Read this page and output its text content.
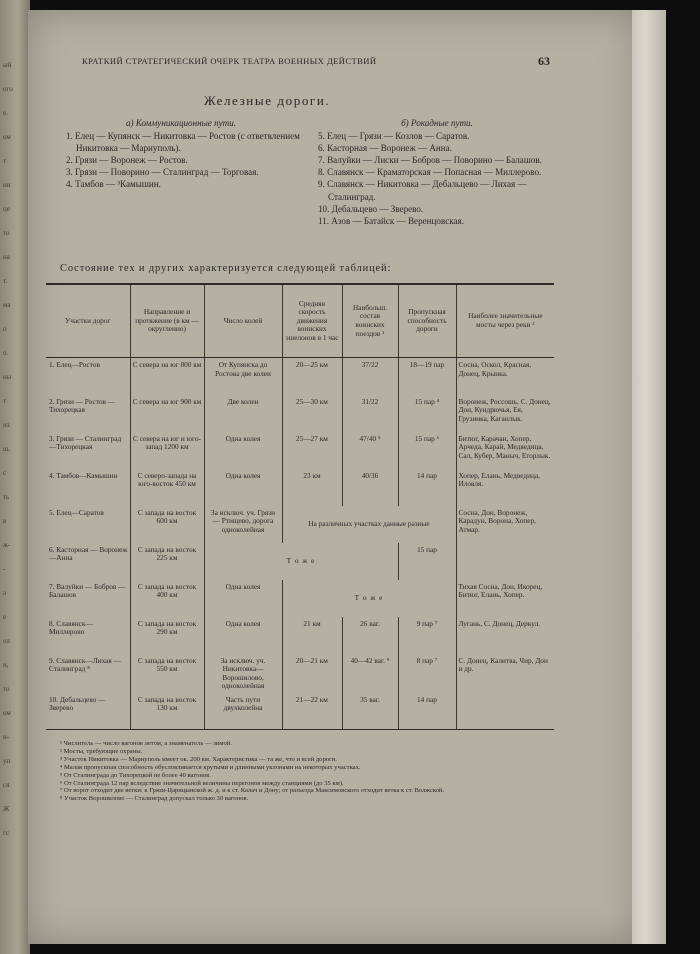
ый
ого
е.
ом
т
ии
це
то
на
т.
ма
о
о.
ны
т
из
ш.
с
ть
в
ж-
-
а
е
ол
н,
то
ом
и-
уп
ся
Ж
гс
КРАТКИЙ СТРАТЕГИЧЕСКИЙ ОЧЕРК ТЕАТРА ВОЕННЫХ ДЕЙСТВИЙ	63
Железные дороги.
а) Коммуникационные пути.
1. Елец — Купянск — Никитовка — Ростов (с ответвлением Никитовка — Мариуполь).
2. Грязи — Воронеж — Ростов.
3. Грязи — Поворино — Сталинград — Торговая.
4. Тамбов — ³Камышин.
б) Рокадные пути.
5. Елец — Грязи — Козлов — Саратов.
6. Касторная — Воронеж — Анна.
7. Валуйки — Лиски — Бобров — Поворино — Балашов.
8. Славянск — Краматорская — Попасная — Миллерово.
9. Славянск — Никитовка — Дебальцево — Лихая — Сталинград.
10. Дебальцево — Зверево.
11. Азов — Батайск — Веренцовская.
Состояние тех и других характеризуется следующей таблицей:
Участки дорог	Направление и протяжение (в км — округленно)	Число колей	Средняя скорость движения воинских эшелонов в 1 час	Наибольш. состав воинских поездов ¹	Пропускная способность дороги	Наиболее значительные мосты через реки ²
1. Елец—Ростов	С севера на юг 800 км	От Купянска до Ростова две колеи	20—25 км	37/22	18—19 пар	Сосна, Оскол, Красная, Донец, Крынка.
2. Грязи — Ростов — Тихорецкая	С севера на юг 900 км	Две колеи	25—30 км	31/22	15 пар ⁴	Воронеж, Россошь, С. Донец, Дон, Кундрючья, Ея, Грузинка, Каганлык.
3. Грязи — Сталинград—Тихорецкая	С севера на юг и юго-запад 1200 км	Одна колея	25—27 км	47/40 ⁵	15 пар ⁶	Битюг, Карачан, Хопер, Арчеда, Карай, Медведица, Сал, Кубер, Маныч, Егорлык.
4. Тамбов—Камышин	С северо-запада на юго-восток 450 км	Одна колея	23 км	40/36	14 пар	Хопер, Елань, Медведица, Иловля.
5. Елец—Саратов	С запада на восток 600 км	За исключ. уч. Грязи — Ртищево, дорога одноколейная	На различных участках данные разные			Сосна, Дон, Воронеж, Карадун, Ворона, Хопер, Атмар.
6. Касторная — Воронеж—Анна	С запада на восток 225 км	Т о ж е			15 пар	
7. Валуйки — Бобров — Балашов	С запада на восток 400 км	Одна колея	Т о ж е			Тихая Сосна, Дон, Икорец, Битюг, Елань, Хопер.
8. Славянск—Миллерово	С запада на восток 290 км	Одна колея	21 км	26 ваг.	9 пар ⁷	Лугань, С. Донец, Деркул.
9. Славянск—Лихая — Сталинград ⁸	С запада на восток 550 км	За исключ. уч. Никитовка—Ворошилово, одноколейная	20—21 км	40—42 ваг. ⁹	8 пар ⁷	С. Донец, Калитва, Чир, Дон и др.
10. Дебальцево — Зверево	С запада на восток 130 км	Часть пути двухколейна	21—22 км	35 ваг.	14 пар	
¹ Числитель — число вагонов летом, а знаменатель — зимой.
² Мосты, требующие охраны.
³ Участок Никитовка — Мариуполь имеет ок. 200 км. Характеристика — та же, что и всей дороги.
⁴ Малая пропускная способность обусловливается крутыми и длинными уклонами на некоторых участках.
⁵ От Сталинграда до Тихорецкой не более 40 вагонов.
⁶ От Сталинграда 12 пар вследствие значительной величины перегонов между станциями (до 35 км).
⁷ От ворот отходит две ветки: к Грязи-Царицынской ж. д. и к ст. Калач и Дону; от разъезда Максимовского отходит ветка к ст. Волжской.
⁸ Участок Ворошилово — Сталинград допускал только 30 вагонов.
